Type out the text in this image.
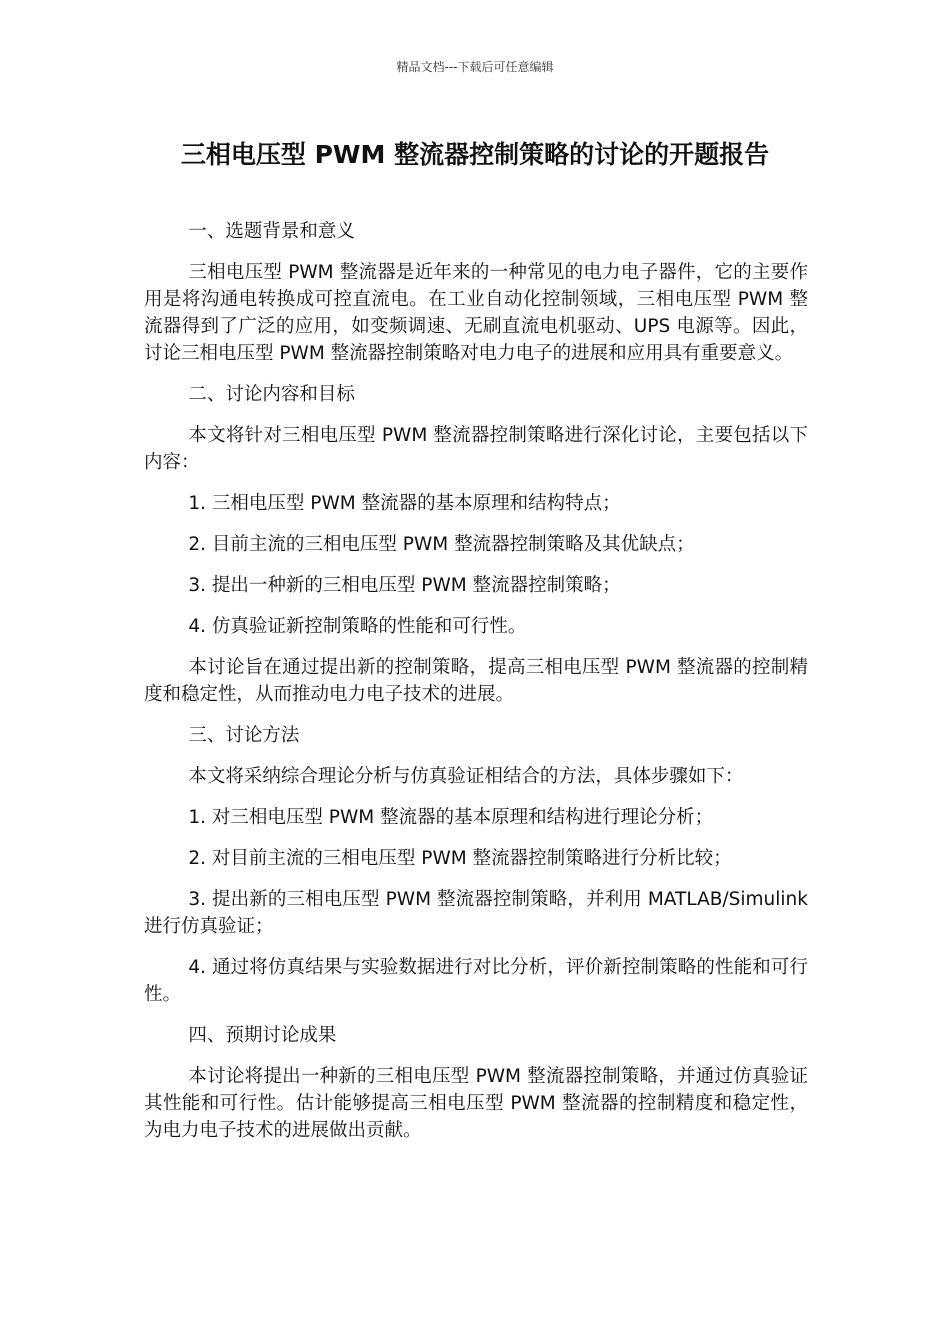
精品文档---下载后可任意编辑
三相电压型 PWM 整流器控制策略的讨论的开题报告

一、选题背景和意义

三相电压型 PWM 整流器是近年来的一种常见的电力电子器件，它的主要作用是将沟通电转换成可控直流电。在工业自动化控制领域，三相电压型 PWM 整流器得到了广泛的应用，如变频调速、无刷直流电机驱动、UPS 电源等。因此，讨论三相电压型 PWM 整流器控制策略对电力电子的进展和应用具有重要意义。

二、讨论内容和目标

本文将针对三相电压型 PWM 整流器控制策略进行深化讨论，主要包括以下内容：

1. 三相电压型 PWM 整流器的基本原理和结构特点；

2. 目前主流的三相电压型 PWM 整流器控制策略及其优缺点；

3. 提出一种新的三相电压型 PWM 整流器控制策略；

4. 仿真验证新控制策略的性能和可行性。

本讨论旨在通过提出新的控制策略，提高三相电压型 PWM 整流器的控制精度和稳定性，从而推动电力电子技术的进展。

三、讨论方法

本文将采纳综合理论分析与仿真验证相结合的方法，具体步骤如下：

1. 对三相电压型 PWM 整流器的基本原理和结构进行理论分析；

2. 对目前主流的三相电压型 PWM 整流器控制策略进行分析比较；

3. 提出新的三相电压型 PWM 整流器控制策略，并利用 MATLAB/Simulink 进行仿真验证；

4. 通过将仿真结果与实验数据进行对比分析，评价新控制策略的性能和可行性。

四、预期讨论成果

本讨论将提出一种新的三相电压型 PWM 整流器控制策略，并通过仿真验证其性能和可行性。估计能够提高三相电压型 PWM 整流器的控制精度和稳定性，为电力电子技术的进展做出贡献。
